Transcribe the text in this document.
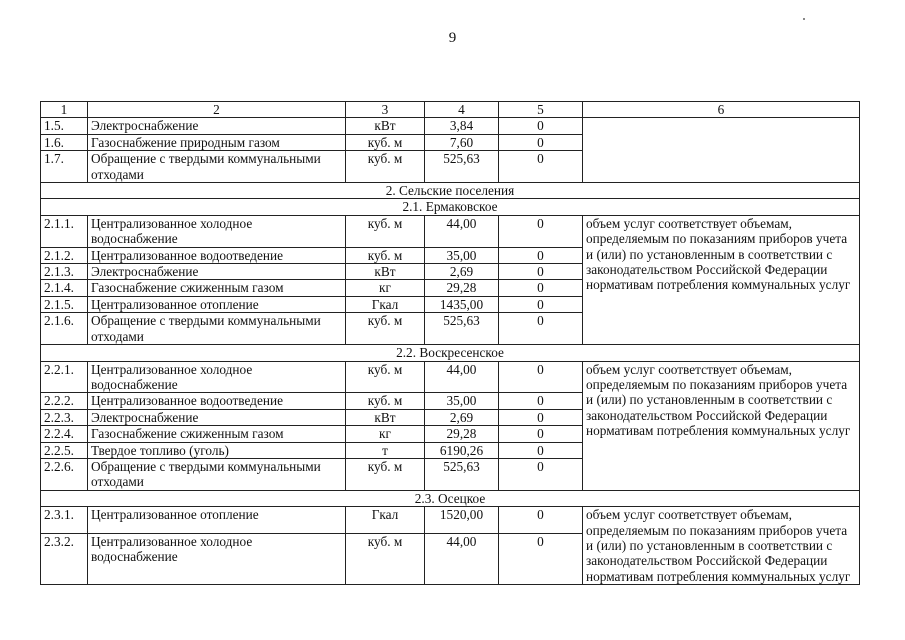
9
1	2	3	4	5	6
1.5.	Электроснабжение	кВт	3,84	0	
1.6.	Газоснабжение природным газом	куб. м	7,60	0	
1.7.	Обращение с твердыми коммунальными отходами	куб. м	525,63	0	
2. Сельские поселения					
2.1. Ермаковское					
2.1.1.	Централизованное холодное водоснабжение	куб. м	44,00	0	объем услуг соответствует объемам, определяемым по показаниям приборов учета и (или) по установленным в соответствии с законодательством Российской Федерации нормативам потребления коммунальных услуг
2.1.2.	Централизованное водоотведение	куб. м	35,00	0	
2.1.3.	Электроснабжение	кВт	2,69	0	
2.1.4.	Газоснабжение сжиженным газом	кг	29,28	0	
2.1.5.	Централизованное отопление	Гкал	1435,00	0	
2.1.6.	Обращение с твердыми коммунальными отходами	куб. м	525,63	0	
2.2. Воскресенское					
2.2.1.	Централизованное холодное водоснабжение	куб. м	44,00	0	объем услуг соответствует объемам, определяемым по показаниям приборов учета и (или) по установленным в соответствии с законодательством Российской Федерации нормативам потребления коммунальных услуг
2.2.2.	Централизованное водоотведение	куб. м	35,00	0	
2.2.3.	Электроснабжение	кВт	2,69	0	
2.2.4.	Газоснабжение сжиженным газом	кг	29,28	0	
2.2.5.	Твердое топливо (уголь)	т	6190,26	0	
2.2.6.	Обращение с твердыми коммунальными отходами	куб. м	525,63	0	
2.3. Осецкое					
2.3.1.	Централизованное отопление	Гкал	1520,00	0	объем услуг соответствует объемам, определяемым по показаниям приборов учета и (или) по установленным в соответствии с законодательством Российской Федерации нормативам потребления коммунальных услуг
2.3.2.	Централизованное холодное водоснабжение	куб. м	44,00	0	
